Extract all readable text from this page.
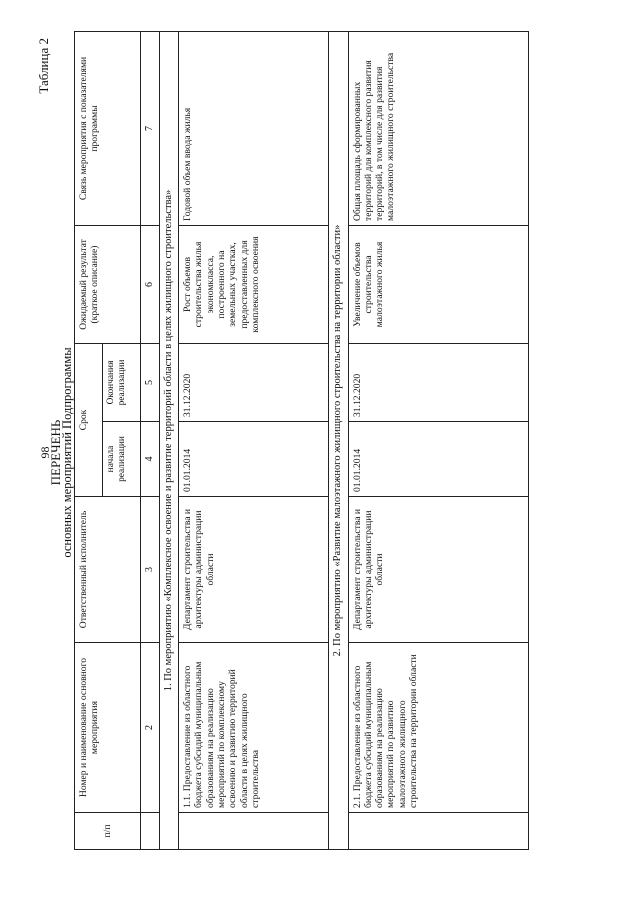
98
Таблица 2
ПЕРЕЧЕНЬ
основных мероприятий Подпрограммы
п/п	Номер и наименование основного мероприятия	Ответственный исполнитель	Срок		Ожидаемый результат (краткое описание)	Связь мероприятия с показателями программы
			начала реализации	Окончания реализации		
	2	3	4	5	6	7
1. По мероприятию «Комплексное освоение и развитие территорий области в целях жилищного строительства»						
	1.1. Предоставление из областного бюджета субсидий муниципальным образованиям на реализацию мероприятий по комплексному освоению и развитию территорий области в целях жилищного строительства	Департамент строительства и архитектуры администрации области	01.01.2014	31.12.2020	Рост объемов строительства жилья экономкласса, построенного на земельных участках, предоставленных для комплексного освоения	Годовой объем ввода жилья
2. По мероприятию «Развитие малоэтажного жилищного строительства на территории области»						
	2.1. Предоставление из областного бюджета субсидий муниципальным образованиям на реализацию мероприятий по развитию малоэтажного жилищного строительства на территории области	Департамент строительства и архитектуры администрации области	01.01.2014	31.12.2020	Увеличение объемов строительства малоэтажного жилья	Общая площадь сформированных территорий для комплексного развития территорий, в том числе для развития малоэтажного жилищного строительства
